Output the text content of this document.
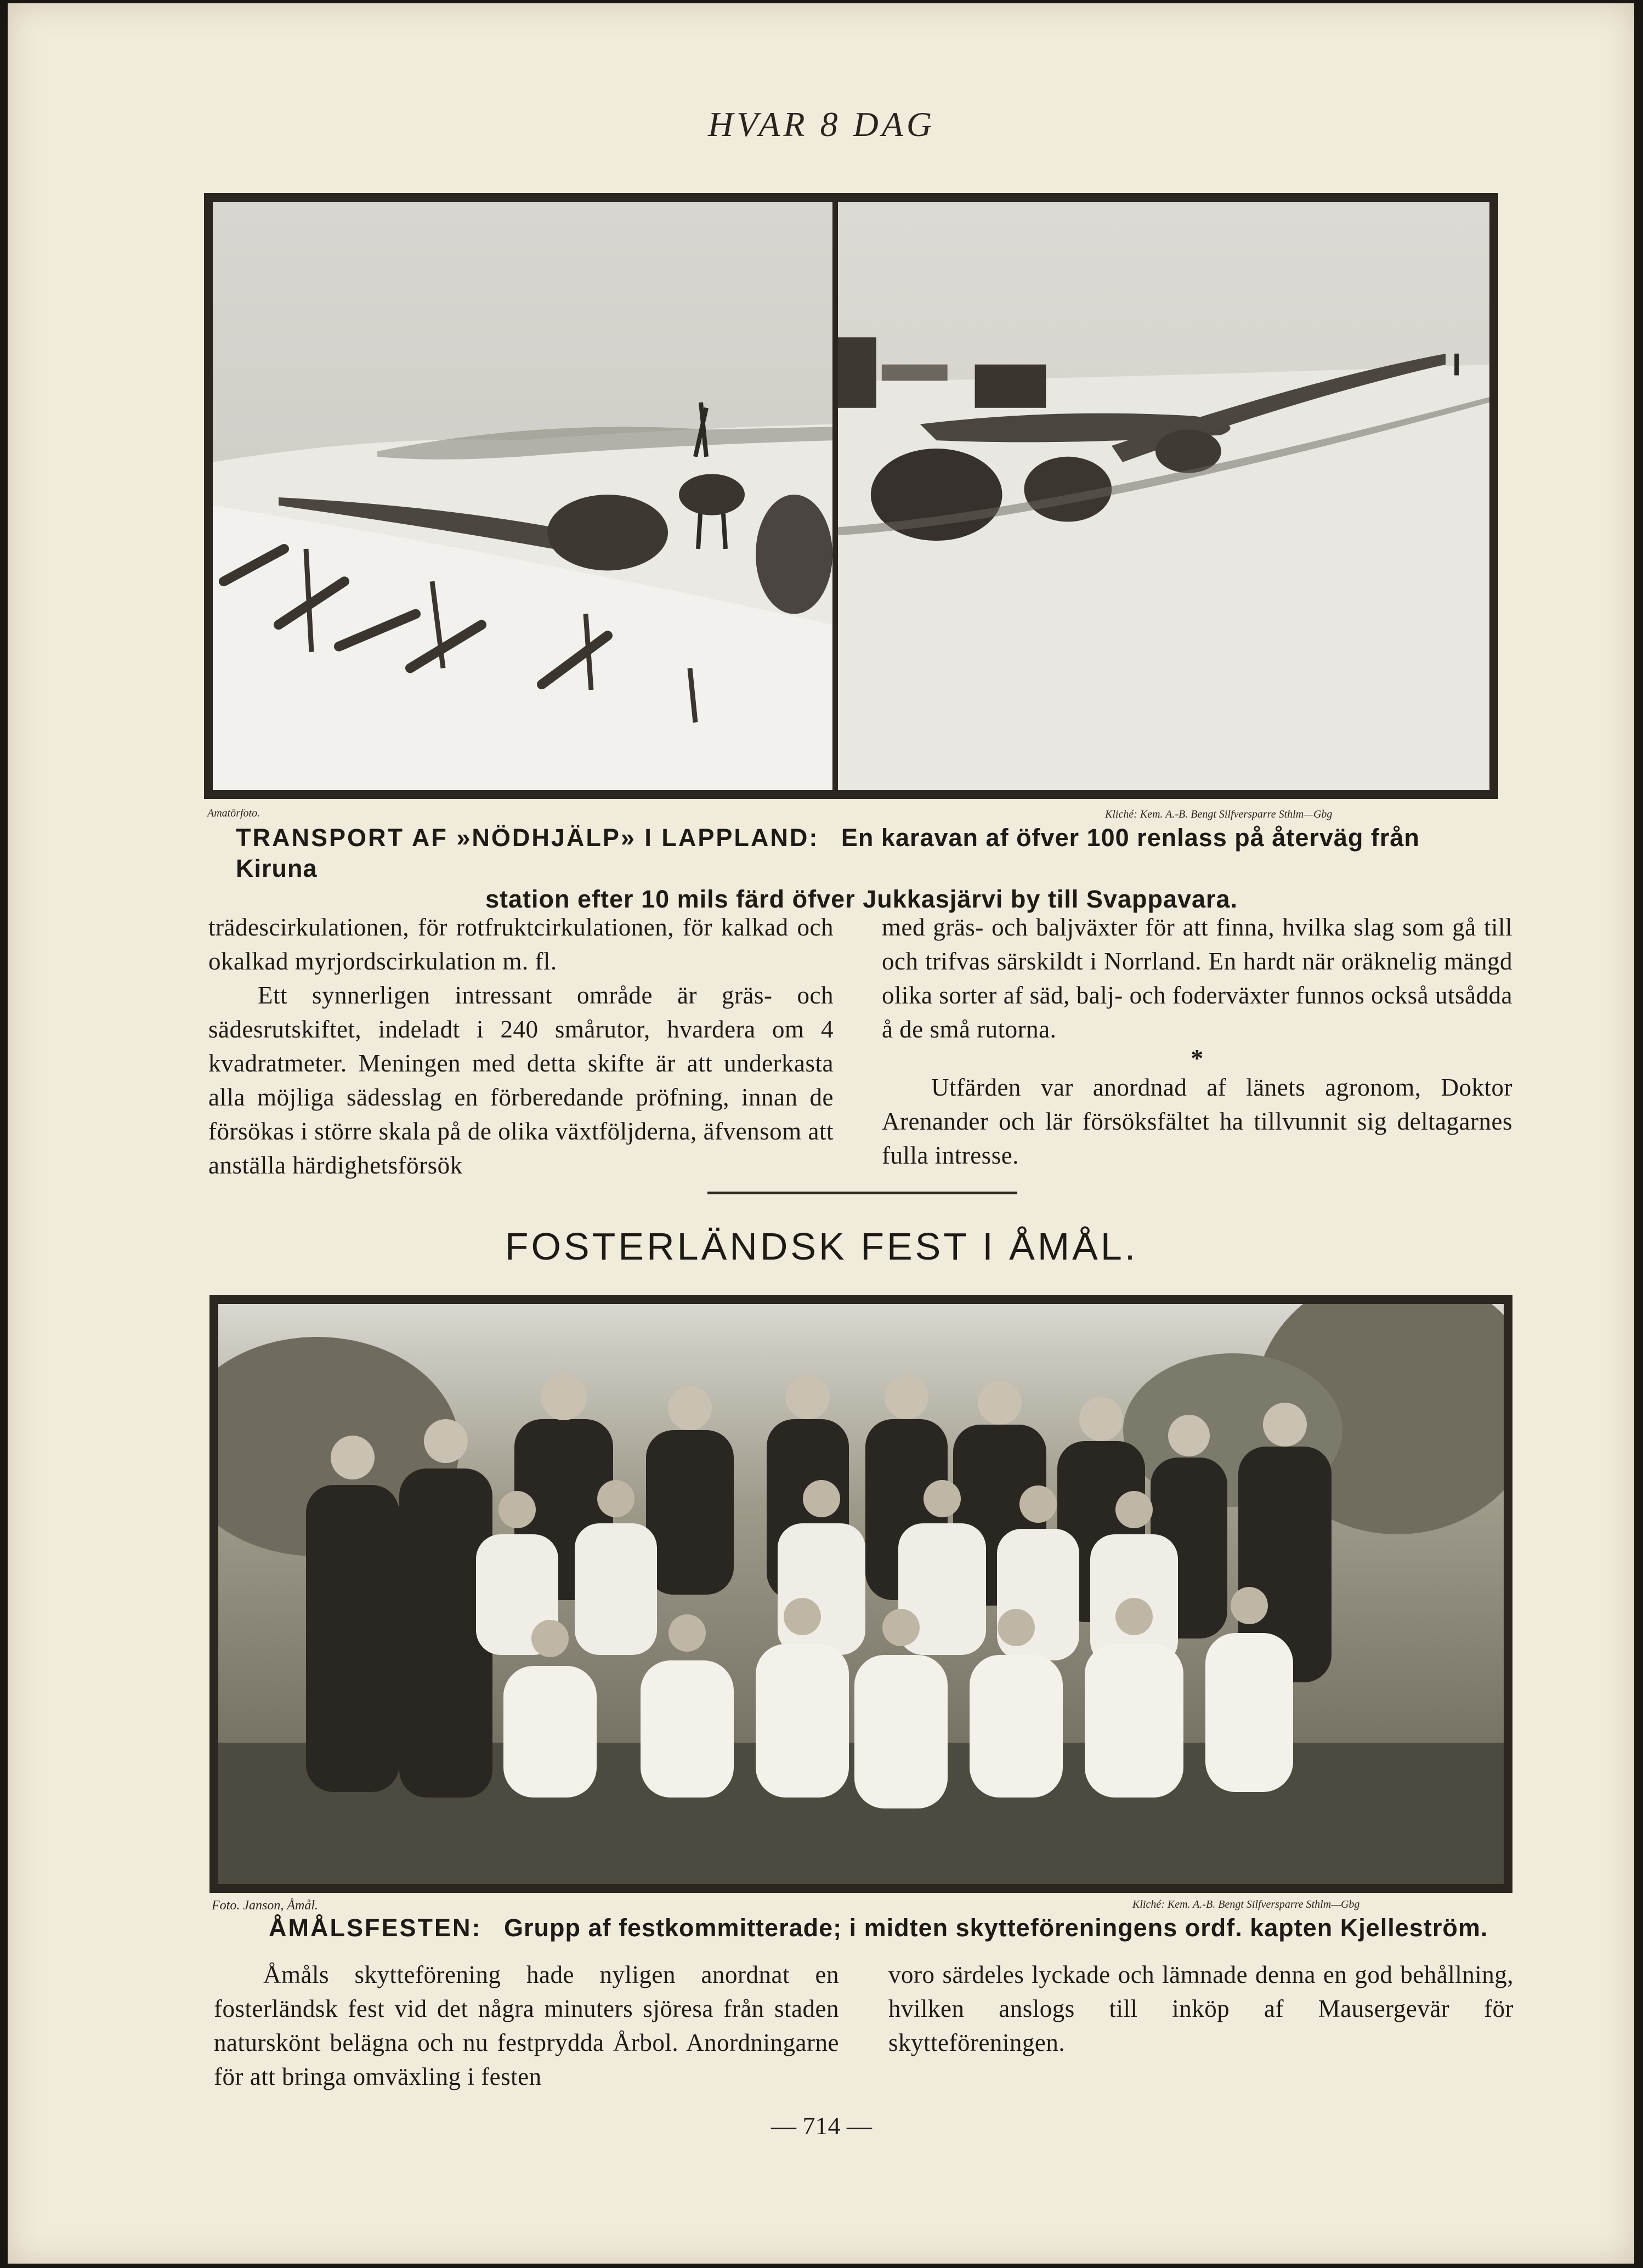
HVAR 8 DAG
Amatörfoto.	Kliché: Kem. A.-B. Bengt Silfversparre Sthlm—Gbg
TRANSPORT AF »NÖDHJÄLP» I LAPPLAND: En karavan af öfver 100 renlass på återväg från Kiruna
station efter 10 mils färd öfver Jukkasjärvi by till Svappavara.

trädescirkulationen, för rotfruktcirkulationen, för kalkad och okalkad myrjordscirkulation m. fl.

Ett synnerligen intressant område är gräs- och sädesrutskiftet, indeladt i 240 smårutor, hvardera om 4 kvadratmeter. Meningen med detta skifte är att underkasta alla möjliga sädesslag en förberedande pröfning, innan de försökas i större skala på de olika växtföljderna, äfvensom att anställa härdighetsförsök

med gräs- och baljväxter för att finna, hvilka slag som gå till och trifvas särskildt i Norrland. En hardt när oräknelig mängd olika sorter af säd, balj- och foderväxter funnos också utsådda å de små rutorna.

*

Utfärden var anordnad af länets agronom, Doktor Arenander och lär försöksfältet ha tillvunnit sig deltagarnes fulla intresse.

FOSTERLÄNDSK FEST I ÅMÅL.
Foto. Janson, Åmål.	Kliché: Kem. A.-B. Bengt Silfversparre Sthlm—Gbg
ÅMÅLSFESTEN: Grupp af festkommitterade; i midten skytteföreningens ordf. kapten Kjelleström.

Åmåls skytteförening hade nyligen anordnat en fosterländsk fest vid det några minuters sjöresa från staden naturskönt belägna och nu festprydda Årbol. Anordningarne för att bringa omväxling i festen

voro särdeles lyckade och lämnade denna en god behållning, hvilken anslogs till inköp af Mausergevär för skytteföreningen.

— 714 —
